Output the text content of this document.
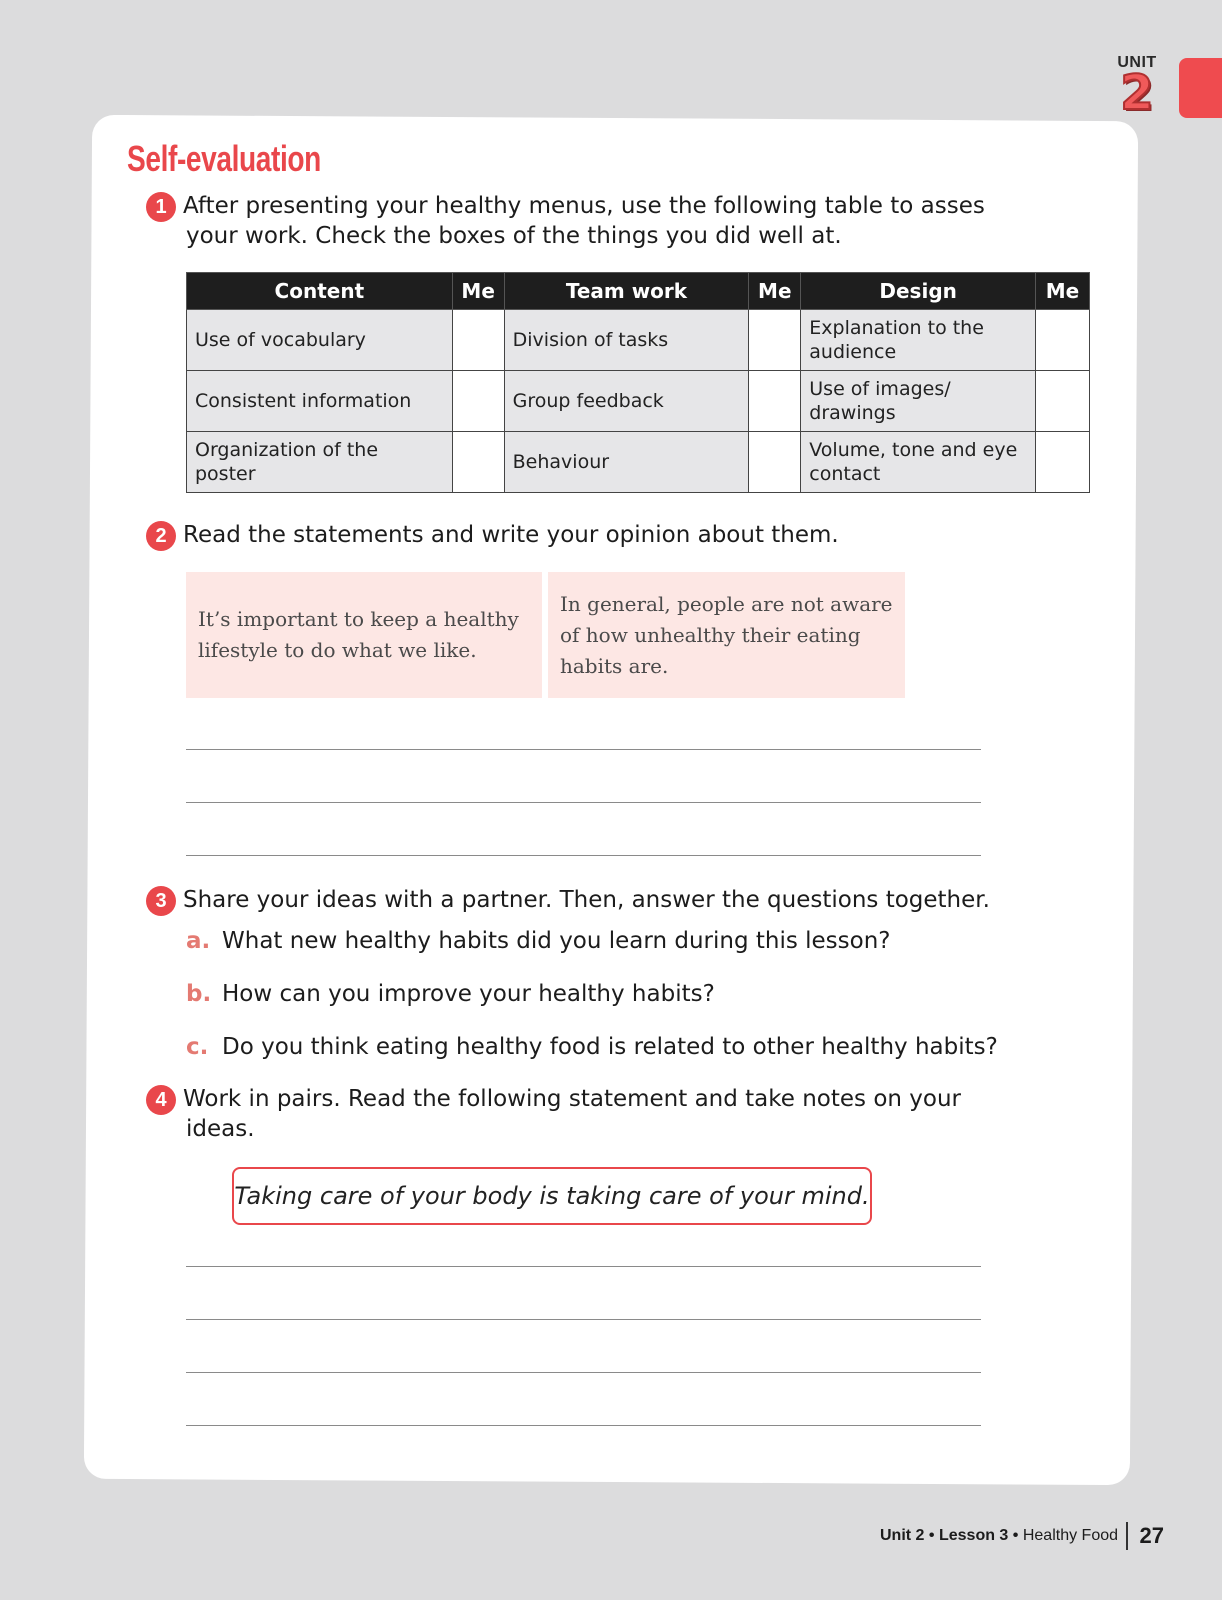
UNIT
2
Self-evaluation
1 After presenting your healthy menus, use the following table to asses
your work. Check the boxes of the things you did well at.
Content	Me	Team work	Me	Design	Me
Use of vocabulary		Division of tasks		Explanation to the audience	
Consistent information		Group feedback		Use of images/ drawings	
Organization of the poster		Behaviour		Volume, tone and eye contact	
2 Read the statements and write your opinion about them.
It’s important to keep a healthy lifestyle to do what we like.
In general, people are not aware of how unhealthy their eating habits are.
3 Share your ideas with a partner. Then, answer the questions together.
a. What new healthy habits did you learn during this lesson?
b. How can you improve your healthy habits?
c. Do you think eating healthy food is related to other healthy habits?
4 Work in pairs. Read the following statement and take notes on your
ideas.
Taking care of your body is taking care of your mind.
Unit 2 • Lesson 3 • Healthy Food 27
